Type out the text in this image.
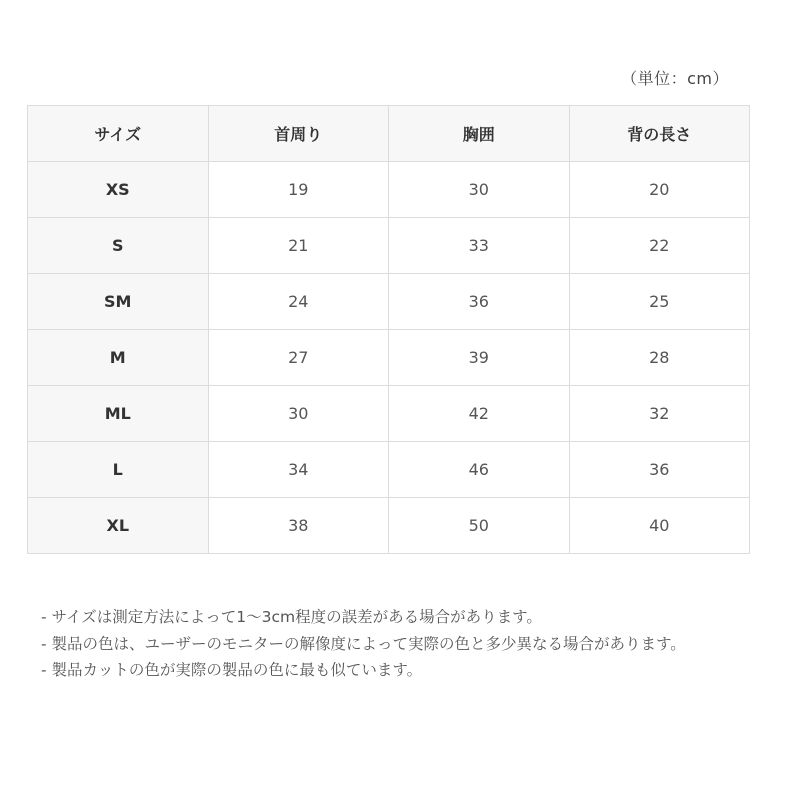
（単位：cm）
サイズ	首周り	胸囲	背の長さ
XS	19	30	20
S	21	33	22
SM	24	36	25
M	27	39	28
ML	30	42	32
L	34	46	36
XL	38	50	40
- サイズは測定方法によって1～3cm程度の誤差がある場合があります。
- 製品の色は、ユーザーのモニターの解像度によって実際の色と多少異なる場合があります。
- 製品カットの色が実際の製品の色に最も似ています。
